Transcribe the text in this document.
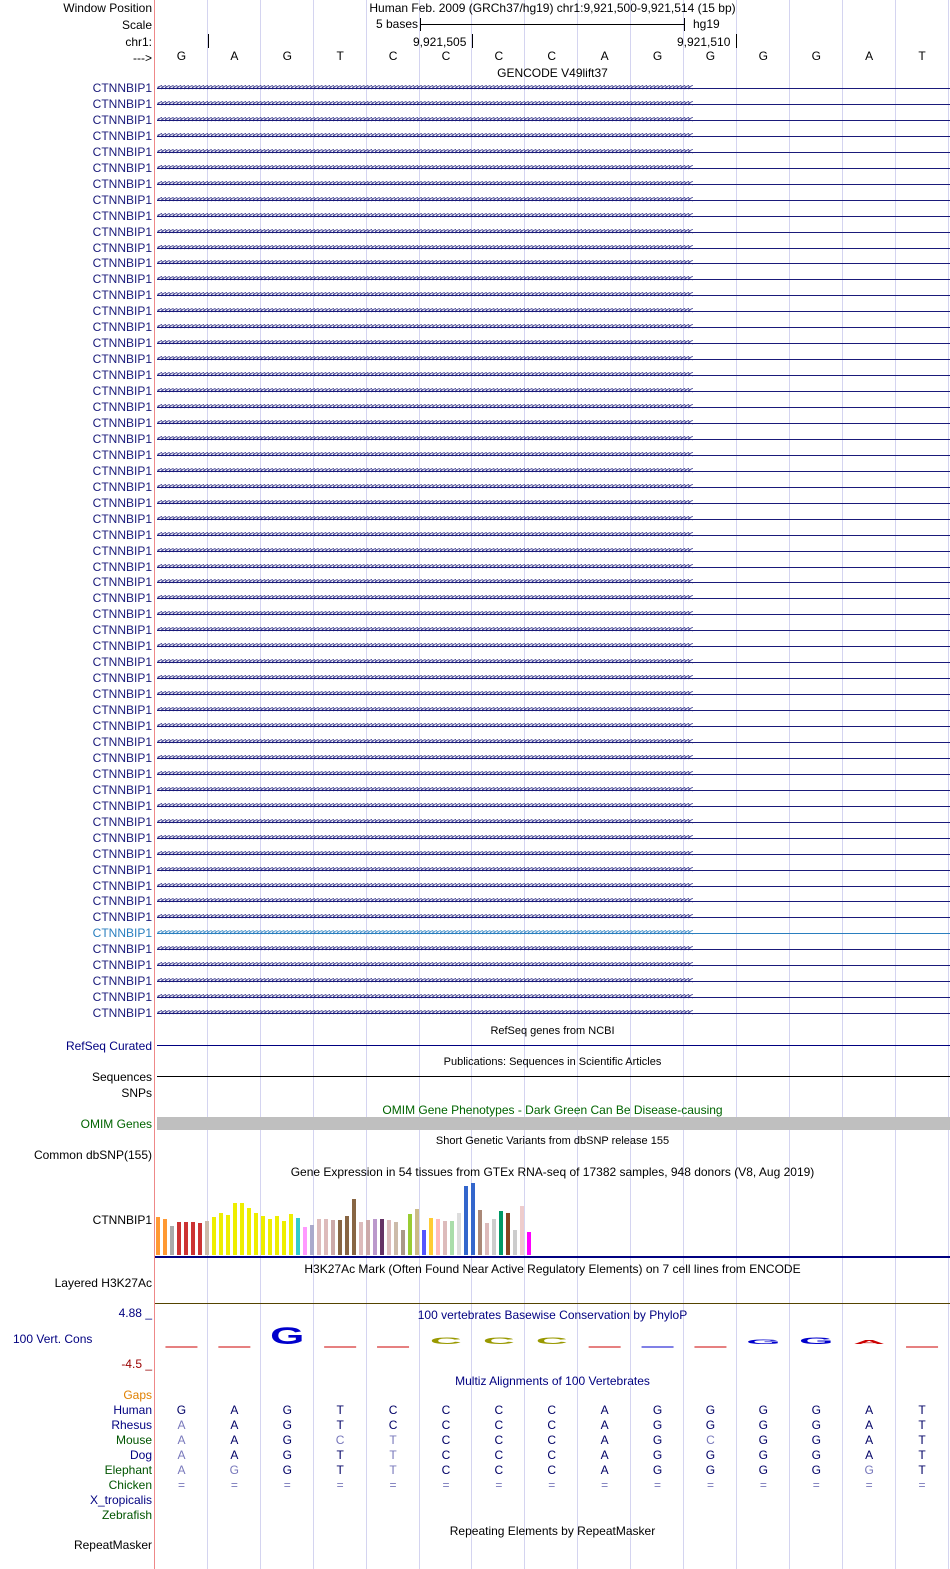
Window Position
Scale
chr1:
--->
Human Feb. 2009 (GRCh37/hg19) chr1:9,921,500-9,921,514 (15 bp)
5 bases	hg19
9,921,505	9,921,510
G	A	G	T	C	C	C	C	A	G	G	G	G	A	T
GENCODE V49lift37
CTNNBIP1 <<<<<<<<<<<<<<<<<<<<<<<<<<<<<<<<<<<<<<<<<<<<<<<<<<<<<<<<<<<<<<<<<<<<<<<<<<<<<<<<<<<<<<<<<<<<<<<<<<<<<<<<<<<<<<<<<<<<<<<<<<<<<<<<<<<<<<<<<<<<
CTNNBIP1 <<<<<<<<<<<<<<<<<<<<<<<<<<<<<<<<<<<<<<<<<<<<<<<<<<<<<<<<<<<<<<<<<<<<<<<<<<<<<<<<<<<<<<<<<<<<<<<<<<<<<<<<<<<<<<<<<<<<<<<<<<<<<<<<<<<<<<<<<<<<
CTNNBIP1 <<<<<<<<<<<<<<<<<<<<<<<<<<<<<<<<<<<<<<<<<<<<<<<<<<<<<<<<<<<<<<<<<<<<<<<<<<<<<<<<<<<<<<<<<<<<<<<<<<<<<<<<<<<<<<<<<<<<<<<<<<<<<<<<<<<<<<<<<<<<
CTNNBIP1 <<<<<<<<<<<<<<<<<<<<<<<<<<<<<<<<<<<<<<<<<<<<<<<<<<<<<<<<<<<<<<<<<<<<<<<<<<<<<<<<<<<<<<<<<<<<<<<<<<<<<<<<<<<<<<<<<<<<<<<<<<<<<<<<<<<<<<<<<<<<
CTNNBIP1 <<<<<<<<<<<<<<<<<<<<<<<<<<<<<<<<<<<<<<<<<<<<<<<<<<<<<<<<<<<<<<<<<<<<<<<<<<<<<<<<<<<<<<<<<<<<<<<<<<<<<<<<<<<<<<<<<<<<<<<<<<<<<<<<<<<<<<<<<<<<
CTNNBIP1 <<<<<<<<<<<<<<<<<<<<<<<<<<<<<<<<<<<<<<<<<<<<<<<<<<<<<<<<<<<<<<<<<<<<<<<<<<<<<<<<<<<<<<<<<<<<<<<<<<<<<<<<<<<<<<<<<<<<<<<<<<<<<<<<<<<<<<<<<<<<
CTNNBIP1 <<<<<<<<<<<<<<<<<<<<<<<<<<<<<<<<<<<<<<<<<<<<<<<<<<<<<<<<<<<<<<<<<<<<<<<<<<<<<<<<<<<<<<<<<<<<<<<<<<<<<<<<<<<<<<<<<<<<<<<<<<<<<<<<<<<<<<<<<<<<
CTNNBIP1 <<<<<<<<<<<<<<<<<<<<<<<<<<<<<<<<<<<<<<<<<<<<<<<<<<<<<<<<<<<<<<<<<<<<<<<<<<<<<<<<<<<<<<<<<<<<<<<<<<<<<<<<<<<<<<<<<<<<<<<<<<<<<<<<<<<<<<<<<<<<
CTNNBIP1 <<<<<<<<<<<<<<<<<<<<<<<<<<<<<<<<<<<<<<<<<<<<<<<<<<<<<<<<<<<<<<<<<<<<<<<<<<<<<<<<<<<<<<<<<<<<<<<<<<<<<<<<<<<<<<<<<<<<<<<<<<<<<<<<<<<<<<<<<<<<
CTNNBIP1 <<<<<<<<<<<<<<<<<<<<<<<<<<<<<<<<<<<<<<<<<<<<<<<<<<<<<<<<<<<<<<<<<<<<<<<<<<<<<<<<<<<<<<<<<<<<<<<<<<<<<<<<<<<<<<<<<<<<<<<<<<<<<<<<<<<<<<<<<<<<
CTNNBIP1 <<<<<<<<<<<<<<<<<<<<<<<<<<<<<<<<<<<<<<<<<<<<<<<<<<<<<<<<<<<<<<<<<<<<<<<<<<<<<<<<<<<<<<<<<<<<<<<<<<<<<<<<<<<<<<<<<<<<<<<<<<<<<<<<<<<<<<<<<<<<
CTNNBIP1 <<<<<<<<<<<<<<<<<<<<<<<<<<<<<<<<<<<<<<<<<<<<<<<<<<<<<<<<<<<<<<<<<<<<<<<<<<<<<<<<<<<<<<<<<<<<<<<<<<<<<<<<<<<<<<<<<<<<<<<<<<<<<<<<<<<<<<<<<<<<
CTNNBIP1 <<<<<<<<<<<<<<<<<<<<<<<<<<<<<<<<<<<<<<<<<<<<<<<<<<<<<<<<<<<<<<<<<<<<<<<<<<<<<<<<<<<<<<<<<<<<<<<<<<<<<<<<<<<<<<<<<<<<<<<<<<<<<<<<<<<<<<<<<<<<
CTNNBIP1 <<<<<<<<<<<<<<<<<<<<<<<<<<<<<<<<<<<<<<<<<<<<<<<<<<<<<<<<<<<<<<<<<<<<<<<<<<<<<<<<<<<<<<<<<<<<<<<<<<<<<<<<<<<<<<<<<<<<<<<<<<<<<<<<<<<<<<<<<<<<
CTNNBIP1 <<<<<<<<<<<<<<<<<<<<<<<<<<<<<<<<<<<<<<<<<<<<<<<<<<<<<<<<<<<<<<<<<<<<<<<<<<<<<<<<<<<<<<<<<<<<<<<<<<<<<<<<<<<<<<<<<<<<<<<<<<<<<<<<<<<<<<<<<<<<
CTNNBIP1 <<<<<<<<<<<<<<<<<<<<<<<<<<<<<<<<<<<<<<<<<<<<<<<<<<<<<<<<<<<<<<<<<<<<<<<<<<<<<<<<<<<<<<<<<<<<<<<<<<<<<<<<<<<<<<<<<<<<<<<<<<<<<<<<<<<<<<<<<<<<
CTNNBIP1 <<<<<<<<<<<<<<<<<<<<<<<<<<<<<<<<<<<<<<<<<<<<<<<<<<<<<<<<<<<<<<<<<<<<<<<<<<<<<<<<<<<<<<<<<<<<<<<<<<<<<<<<<<<<<<<<<<<<<<<<<<<<<<<<<<<<<<<<<<<<
CTNNBIP1 <<<<<<<<<<<<<<<<<<<<<<<<<<<<<<<<<<<<<<<<<<<<<<<<<<<<<<<<<<<<<<<<<<<<<<<<<<<<<<<<<<<<<<<<<<<<<<<<<<<<<<<<<<<<<<<<<<<<<<<<<<<<<<<<<<<<<<<<<<<<
CTNNBIP1 <<<<<<<<<<<<<<<<<<<<<<<<<<<<<<<<<<<<<<<<<<<<<<<<<<<<<<<<<<<<<<<<<<<<<<<<<<<<<<<<<<<<<<<<<<<<<<<<<<<<<<<<<<<<<<<<<<<<<<<<<<<<<<<<<<<<<<<<<<<<
CTNNBIP1 <<<<<<<<<<<<<<<<<<<<<<<<<<<<<<<<<<<<<<<<<<<<<<<<<<<<<<<<<<<<<<<<<<<<<<<<<<<<<<<<<<<<<<<<<<<<<<<<<<<<<<<<<<<<<<<<<<<<<<<<<<<<<<<<<<<<<<<<<<<<
CTNNBIP1 <<<<<<<<<<<<<<<<<<<<<<<<<<<<<<<<<<<<<<<<<<<<<<<<<<<<<<<<<<<<<<<<<<<<<<<<<<<<<<<<<<<<<<<<<<<<<<<<<<<<<<<<<<<<<<<<<<<<<<<<<<<<<<<<<<<<<<<<<<<<
CTNNBIP1 <<<<<<<<<<<<<<<<<<<<<<<<<<<<<<<<<<<<<<<<<<<<<<<<<<<<<<<<<<<<<<<<<<<<<<<<<<<<<<<<<<<<<<<<<<<<<<<<<<<<<<<<<<<<<<<<<<<<<<<<<<<<<<<<<<<<<<<<<<<<
CTNNBIP1 <<<<<<<<<<<<<<<<<<<<<<<<<<<<<<<<<<<<<<<<<<<<<<<<<<<<<<<<<<<<<<<<<<<<<<<<<<<<<<<<<<<<<<<<<<<<<<<<<<<<<<<<<<<<<<<<<<<<<<<<<<<<<<<<<<<<<<<<<<<<
CTNNBIP1 <<<<<<<<<<<<<<<<<<<<<<<<<<<<<<<<<<<<<<<<<<<<<<<<<<<<<<<<<<<<<<<<<<<<<<<<<<<<<<<<<<<<<<<<<<<<<<<<<<<<<<<<<<<<<<<<<<<<<<<<<<<<<<<<<<<<<<<<<<<<
CTNNBIP1 <<<<<<<<<<<<<<<<<<<<<<<<<<<<<<<<<<<<<<<<<<<<<<<<<<<<<<<<<<<<<<<<<<<<<<<<<<<<<<<<<<<<<<<<<<<<<<<<<<<<<<<<<<<<<<<<<<<<<<<<<<<<<<<<<<<<<<<<<<<<
CTNNBIP1 <<<<<<<<<<<<<<<<<<<<<<<<<<<<<<<<<<<<<<<<<<<<<<<<<<<<<<<<<<<<<<<<<<<<<<<<<<<<<<<<<<<<<<<<<<<<<<<<<<<<<<<<<<<<<<<<<<<<<<<<<<<<<<<<<<<<<<<<<<<<
CTNNBIP1 <<<<<<<<<<<<<<<<<<<<<<<<<<<<<<<<<<<<<<<<<<<<<<<<<<<<<<<<<<<<<<<<<<<<<<<<<<<<<<<<<<<<<<<<<<<<<<<<<<<<<<<<<<<<<<<<<<<<<<<<<<<<<<<<<<<<<<<<<<<<
CTNNBIP1 <<<<<<<<<<<<<<<<<<<<<<<<<<<<<<<<<<<<<<<<<<<<<<<<<<<<<<<<<<<<<<<<<<<<<<<<<<<<<<<<<<<<<<<<<<<<<<<<<<<<<<<<<<<<<<<<<<<<<<<<<<<<<<<<<<<<<<<<<<<<
CTNNBIP1 <<<<<<<<<<<<<<<<<<<<<<<<<<<<<<<<<<<<<<<<<<<<<<<<<<<<<<<<<<<<<<<<<<<<<<<<<<<<<<<<<<<<<<<<<<<<<<<<<<<<<<<<<<<<<<<<<<<<<<<<<<<<<<<<<<<<<<<<<<<<
CTNNBIP1 <<<<<<<<<<<<<<<<<<<<<<<<<<<<<<<<<<<<<<<<<<<<<<<<<<<<<<<<<<<<<<<<<<<<<<<<<<<<<<<<<<<<<<<<<<<<<<<<<<<<<<<<<<<<<<<<<<<<<<<<<<<<<<<<<<<<<<<<<<<<
CTNNBIP1 <<<<<<<<<<<<<<<<<<<<<<<<<<<<<<<<<<<<<<<<<<<<<<<<<<<<<<<<<<<<<<<<<<<<<<<<<<<<<<<<<<<<<<<<<<<<<<<<<<<<<<<<<<<<<<<<<<<<<<<<<<<<<<<<<<<<<<<<<<<<
CTNNBIP1 <<<<<<<<<<<<<<<<<<<<<<<<<<<<<<<<<<<<<<<<<<<<<<<<<<<<<<<<<<<<<<<<<<<<<<<<<<<<<<<<<<<<<<<<<<<<<<<<<<<<<<<<<<<<<<<<<<<<<<<<<<<<<<<<<<<<<<<<<<<<
CTNNBIP1 <<<<<<<<<<<<<<<<<<<<<<<<<<<<<<<<<<<<<<<<<<<<<<<<<<<<<<<<<<<<<<<<<<<<<<<<<<<<<<<<<<<<<<<<<<<<<<<<<<<<<<<<<<<<<<<<<<<<<<<<<<<<<<<<<<<<<<<<<<<<
CTNNBIP1 <<<<<<<<<<<<<<<<<<<<<<<<<<<<<<<<<<<<<<<<<<<<<<<<<<<<<<<<<<<<<<<<<<<<<<<<<<<<<<<<<<<<<<<<<<<<<<<<<<<<<<<<<<<<<<<<<<<<<<<<<<<<<<<<<<<<<<<<<<<<
CTNNBIP1 <<<<<<<<<<<<<<<<<<<<<<<<<<<<<<<<<<<<<<<<<<<<<<<<<<<<<<<<<<<<<<<<<<<<<<<<<<<<<<<<<<<<<<<<<<<<<<<<<<<<<<<<<<<<<<<<<<<<<<<<<<<<<<<<<<<<<<<<<<<<
CTNNBIP1 <<<<<<<<<<<<<<<<<<<<<<<<<<<<<<<<<<<<<<<<<<<<<<<<<<<<<<<<<<<<<<<<<<<<<<<<<<<<<<<<<<<<<<<<<<<<<<<<<<<<<<<<<<<<<<<<<<<<<<<<<<<<<<<<<<<<<<<<<<<<
CTNNBIP1 <<<<<<<<<<<<<<<<<<<<<<<<<<<<<<<<<<<<<<<<<<<<<<<<<<<<<<<<<<<<<<<<<<<<<<<<<<<<<<<<<<<<<<<<<<<<<<<<<<<<<<<<<<<<<<<<<<<<<<<<<<<<<<<<<<<<<<<<<<<<
CTNNBIP1 <<<<<<<<<<<<<<<<<<<<<<<<<<<<<<<<<<<<<<<<<<<<<<<<<<<<<<<<<<<<<<<<<<<<<<<<<<<<<<<<<<<<<<<<<<<<<<<<<<<<<<<<<<<<<<<<<<<<<<<<<<<<<<<<<<<<<<<<<<<<
CTNNBIP1 <<<<<<<<<<<<<<<<<<<<<<<<<<<<<<<<<<<<<<<<<<<<<<<<<<<<<<<<<<<<<<<<<<<<<<<<<<<<<<<<<<<<<<<<<<<<<<<<<<<<<<<<<<<<<<<<<<<<<<<<<<<<<<<<<<<<<<<<<<<<
CTNNBIP1 <<<<<<<<<<<<<<<<<<<<<<<<<<<<<<<<<<<<<<<<<<<<<<<<<<<<<<<<<<<<<<<<<<<<<<<<<<<<<<<<<<<<<<<<<<<<<<<<<<<<<<<<<<<<<<<<<<<<<<<<<<<<<<<<<<<<<<<<<<<<
CTNNBIP1 <<<<<<<<<<<<<<<<<<<<<<<<<<<<<<<<<<<<<<<<<<<<<<<<<<<<<<<<<<<<<<<<<<<<<<<<<<<<<<<<<<<<<<<<<<<<<<<<<<<<<<<<<<<<<<<<<<<<<<<<<<<<<<<<<<<<<<<<<<<<
CTNNBIP1 <<<<<<<<<<<<<<<<<<<<<<<<<<<<<<<<<<<<<<<<<<<<<<<<<<<<<<<<<<<<<<<<<<<<<<<<<<<<<<<<<<<<<<<<<<<<<<<<<<<<<<<<<<<<<<<<<<<<<<<<<<<<<<<<<<<<<<<<<<<<
CTNNBIP1 <<<<<<<<<<<<<<<<<<<<<<<<<<<<<<<<<<<<<<<<<<<<<<<<<<<<<<<<<<<<<<<<<<<<<<<<<<<<<<<<<<<<<<<<<<<<<<<<<<<<<<<<<<<<<<<<<<<<<<<<<<<<<<<<<<<<<<<<<<<<
CTNNBIP1 <<<<<<<<<<<<<<<<<<<<<<<<<<<<<<<<<<<<<<<<<<<<<<<<<<<<<<<<<<<<<<<<<<<<<<<<<<<<<<<<<<<<<<<<<<<<<<<<<<<<<<<<<<<<<<<<<<<<<<<<<<<<<<<<<<<<<<<<<<<<
CTNNBIP1 <<<<<<<<<<<<<<<<<<<<<<<<<<<<<<<<<<<<<<<<<<<<<<<<<<<<<<<<<<<<<<<<<<<<<<<<<<<<<<<<<<<<<<<<<<<<<<<<<<<<<<<<<<<<<<<<<<<<<<<<<<<<<<<<<<<<<<<<<<<<
CTNNBIP1 <<<<<<<<<<<<<<<<<<<<<<<<<<<<<<<<<<<<<<<<<<<<<<<<<<<<<<<<<<<<<<<<<<<<<<<<<<<<<<<<<<<<<<<<<<<<<<<<<<<<<<<<<<<<<<<<<<<<<<<<<<<<<<<<<<<<<<<<<<<<
CTNNBIP1 <<<<<<<<<<<<<<<<<<<<<<<<<<<<<<<<<<<<<<<<<<<<<<<<<<<<<<<<<<<<<<<<<<<<<<<<<<<<<<<<<<<<<<<<<<<<<<<<<<<<<<<<<<<<<<<<<<<<<<<<<<<<<<<<<<<<<<<<<<<<
CTNNBIP1 <<<<<<<<<<<<<<<<<<<<<<<<<<<<<<<<<<<<<<<<<<<<<<<<<<<<<<<<<<<<<<<<<<<<<<<<<<<<<<<<<<<<<<<<<<<<<<<<<<<<<<<<<<<<<<<<<<<<<<<<<<<<<<<<<<<<<<<<<<<<
CTNNBIP1 <<<<<<<<<<<<<<<<<<<<<<<<<<<<<<<<<<<<<<<<<<<<<<<<<<<<<<<<<<<<<<<<<<<<<<<<<<<<<<<<<<<<<<<<<<<<<<<<<<<<<<<<<<<<<<<<<<<<<<<<<<<<<<<<<<<<<<<<<<<<
CTNNBIP1 <<<<<<<<<<<<<<<<<<<<<<<<<<<<<<<<<<<<<<<<<<<<<<<<<<<<<<<<<<<<<<<<<<<<<<<<<<<<<<<<<<<<<<<<<<<<<<<<<<<<<<<<<<<<<<<<<<<<<<<<<<<<<<<<<<<<<<<<<<<<
CTNNBIP1 <<<<<<<<<<<<<<<<<<<<<<<<<<<<<<<<<<<<<<<<<<<<<<<<<<<<<<<<<<<<<<<<<<<<<<<<<<<<<<<<<<<<<<<<<<<<<<<<<<<<<<<<<<<<<<<<<<<<<<<<<<<<<<<<<<<<<<<<<<<<
CTNNBIP1 <<<<<<<<<<<<<<<<<<<<<<<<<<<<<<<<<<<<<<<<<<<<<<<<<<<<<<<<<<<<<<<<<<<<<<<<<<<<<<<<<<<<<<<<<<<<<<<<<<<<<<<<<<<<<<<<<<<<<<<<<<<<<<<<<<<<<<<<<<<<
CTNNBIP1 <<<<<<<<<<<<<<<<<<<<<<<<<<<<<<<<<<<<<<<<<<<<<<<<<<<<<<<<<<<<<<<<<<<<<<<<<<<<<<<<<<<<<<<<<<<<<<<<<<<<<<<<<<<<<<<<<<<<<<<<<<<<<<<<<<<<<<<<<<<<
CTNNBIP1 <<<<<<<<<<<<<<<<<<<<<<<<<<<<<<<<<<<<<<<<<<<<<<<<<<<<<<<<<<<<<<<<<<<<<<<<<<<<<<<<<<<<<<<<<<<<<<<<<<<<<<<<<<<<<<<<<<<<<<<<<<<<<<<<<<<<<<<<<<<<
CTNNBIP1 <<<<<<<<<<<<<<<<<<<<<<<<<<<<<<<<<<<<<<<<<<<<<<<<<<<<<<<<<<<<<<<<<<<<<<<<<<<<<<<<<<<<<<<<<<<<<<<<<<<<<<<<<<<<<<<<<<<<<<<<<<<<<<<<<<<<<<<<<<<<
CTNNBIP1 <<<<<<<<<<<<<<<<<<<<<<<<<<<<<<<<<<<<<<<<<<<<<<<<<<<<<<<<<<<<<<<<<<<<<<<<<<<<<<<<<<<<<<<<<<<<<<<<<<<<<<<<<<<<<<<<<<<<<<<<<<<<<<<<<<<<<<<<<<<<
CTNNBIP1 <<<<<<<<<<<<<<<<<<<<<<<<<<<<<<<<<<<<<<<<<<<<<<<<<<<<<<<<<<<<<<<<<<<<<<<<<<<<<<<<<<<<<<<<<<<<<<<<<<<<<<<<<<<<<<<<<<<<<<<<<<<<<<<<<<<<<<<<<<<<
CTNNBIP1 <<<<<<<<<<<<<<<<<<<<<<<<<<<<<<<<<<<<<<<<<<<<<<<<<<<<<<<<<<<<<<<<<<<<<<<<<<<<<<<<<<<<<<<<<<<<<<<<<<<<<<<<<<<<<<<<<<<<<<<<<<<<<<<<<<<<<<<<<<<<
CTNNBIP1 <<<<<<<<<<<<<<<<<<<<<<<<<<<<<<<<<<<<<<<<<<<<<<<<<<<<<<<<<<<<<<<<<<<<<<<<<<<<<<<<<<<<<<<<<<<<<<<<<<<<<<<<<<<<<<<<<<<<<<<<<<<<<<<<<<<<<<<<<<<<
RefSeq genes from NCBI
RefSeq Curated
Publications: Sequences in Scientific Articles
Sequences
SNPs
OMIM Gene Phenotypes - Dark Green Can Be Disease-causing
OMIM Genes
Short Genetic Variants from dbSNP release 155
Common dbSNP(155)
Gene Expression in 54 tissues from GTEx RNA-seq of 17382 samples, 948 donors (V8, Aug 2019)
CTNNBIP1
H3K27Ac Mark (Often Found Near Active Regulatory Elements) on 7 cell lines from ENCODE
Layered H3K27Ac
100 vertebrates Basewise Conservation by PhyloP
4.88 _
100 Vert. Cons
-4.5 _
G	C C C	G G A
Multiz Alignments of 100 Vertebrates
Gaps
Human	G	A	G	T	C	C	C	C	A	G	G	G	G	A	T
Rhesus	A	A	G	T	C	C	C	C	A	G	G	G	G	A	T
Mouse	A	A	G	C	T	C	C	C	A	G	C	G	G	A	T
Dog	A	A	G	T	T	C	C	C	A	G	G	G	G	A	T
Elephant	A	G	G	T	T	C	C	C	A	G	G	G	G	G	T
Chicken	=	=	=	=	=	=	=	=	=	=	=	=	=	=	=
X_tropicalis
Zebrafish
Repeating Elements by RepeatMasker
RepeatMasker
